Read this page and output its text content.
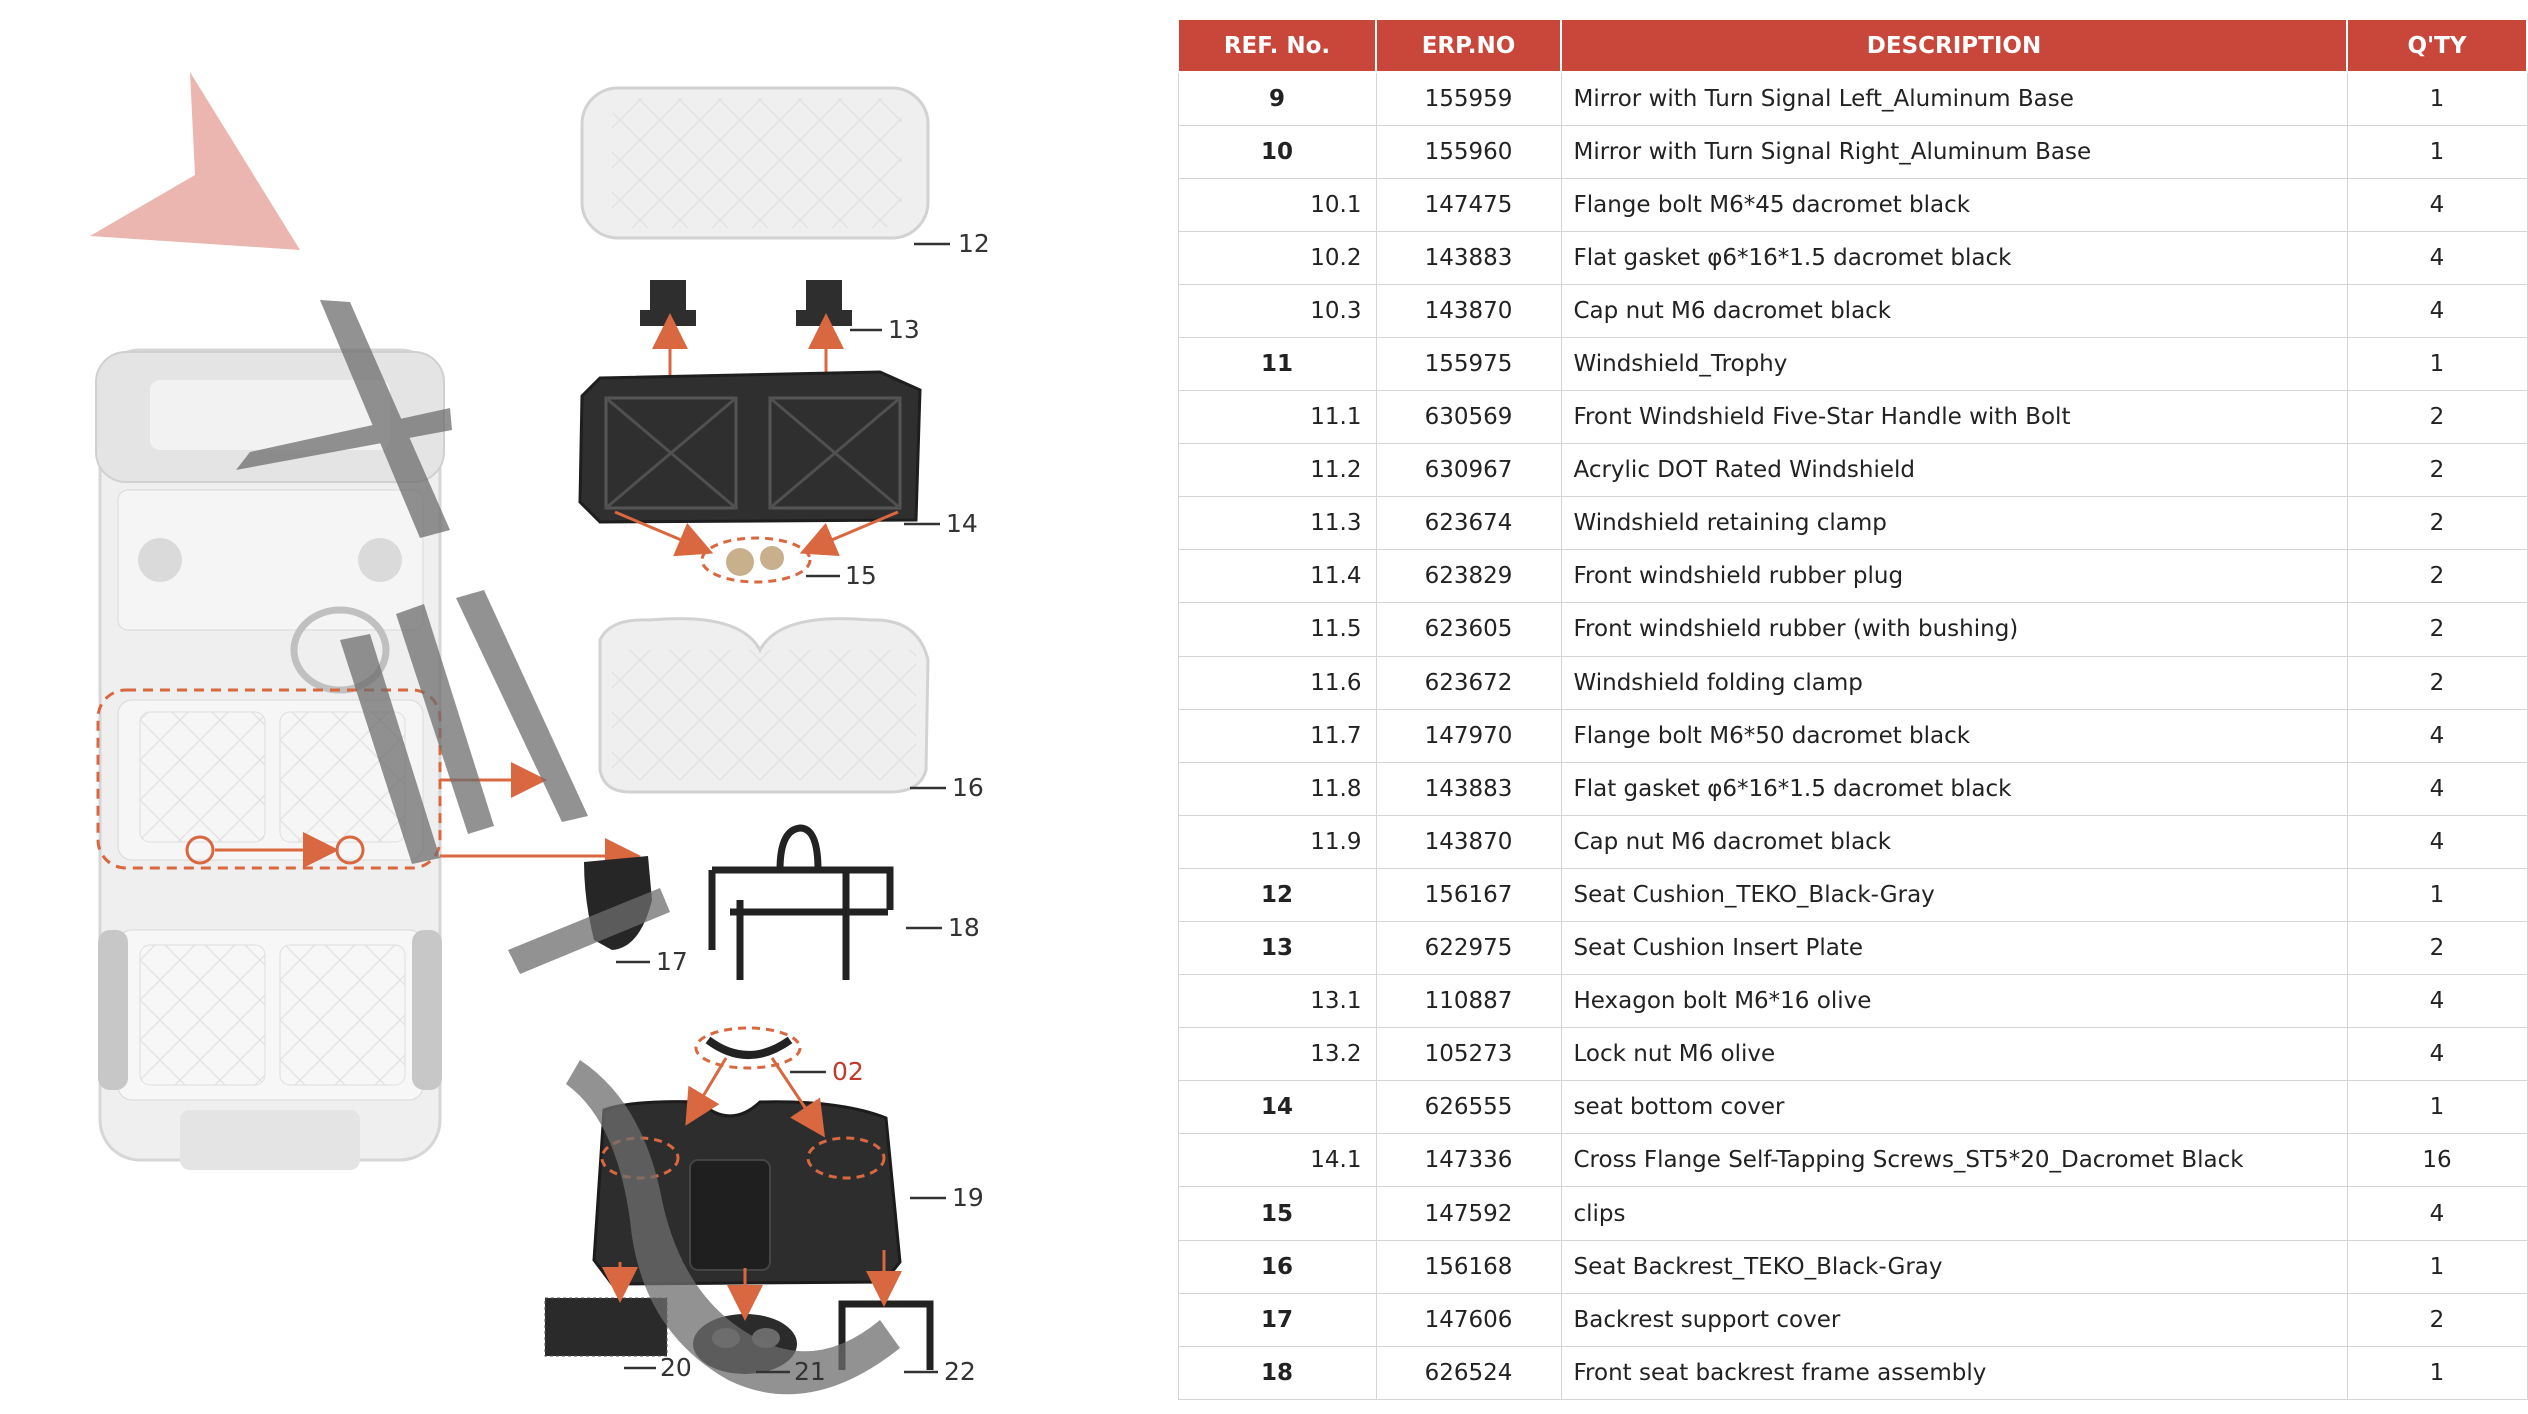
12
13
14
15
16
17
18
02
19
20	21	22
REF. No.	ERP.NO	DESCRIPTION	Q'TY
9	155959	Mirror with Turn Signal Left_Aluminum Base	1
10	155960	Mirror with Turn Signal Right_Aluminum Base	1
10.1	147475	Flange bolt M6*45 dacromet black	4
10.2	143883	Flat gasket φ6*16*1.5 dacromet black	4
10.3	143870	Cap nut M6 dacromet black	4
11	155975	Windshield_Trophy	1
11.1	630569	Front Windshield Five-Star Handle with Bolt	2
11.2	630967	Acrylic DOT Rated Windshield	2
11.3	623674	Windshield retaining clamp	2
11.4	623829	Front windshield rubber plug	2
11.5	623605	Front windshield rubber (with bushing)	2
11.6	623672	Windshield folding clamp	2
11.7	147970	Flange bolt M6*50 dacromet black	4
11.8	143883	Flat gasket φ6*16*1.5 dacromet black	4
11.9	143870	Cap nut M6 dacromet black	4
12	156167	Seat Cushion_TEKO_Black-Gray	1
13	622975	Seat Cushion Insert Plate	2
13.1	110887	Hexagon bolt M6*16 olive	4
13.2	105273	Lock nut M6 olive	4
14	626555	seat bottom cover	1
14.1	147336	Cross Flange Self-Tapping Screws_ST5*20_Dacromet Black	16
15	147592	clips	4
16	156168	Seat Backrest_TEKO_Black-Gray	1
17	147606	Backrest support cover	2
18	626524	Front seat backrest frame assembly	1
